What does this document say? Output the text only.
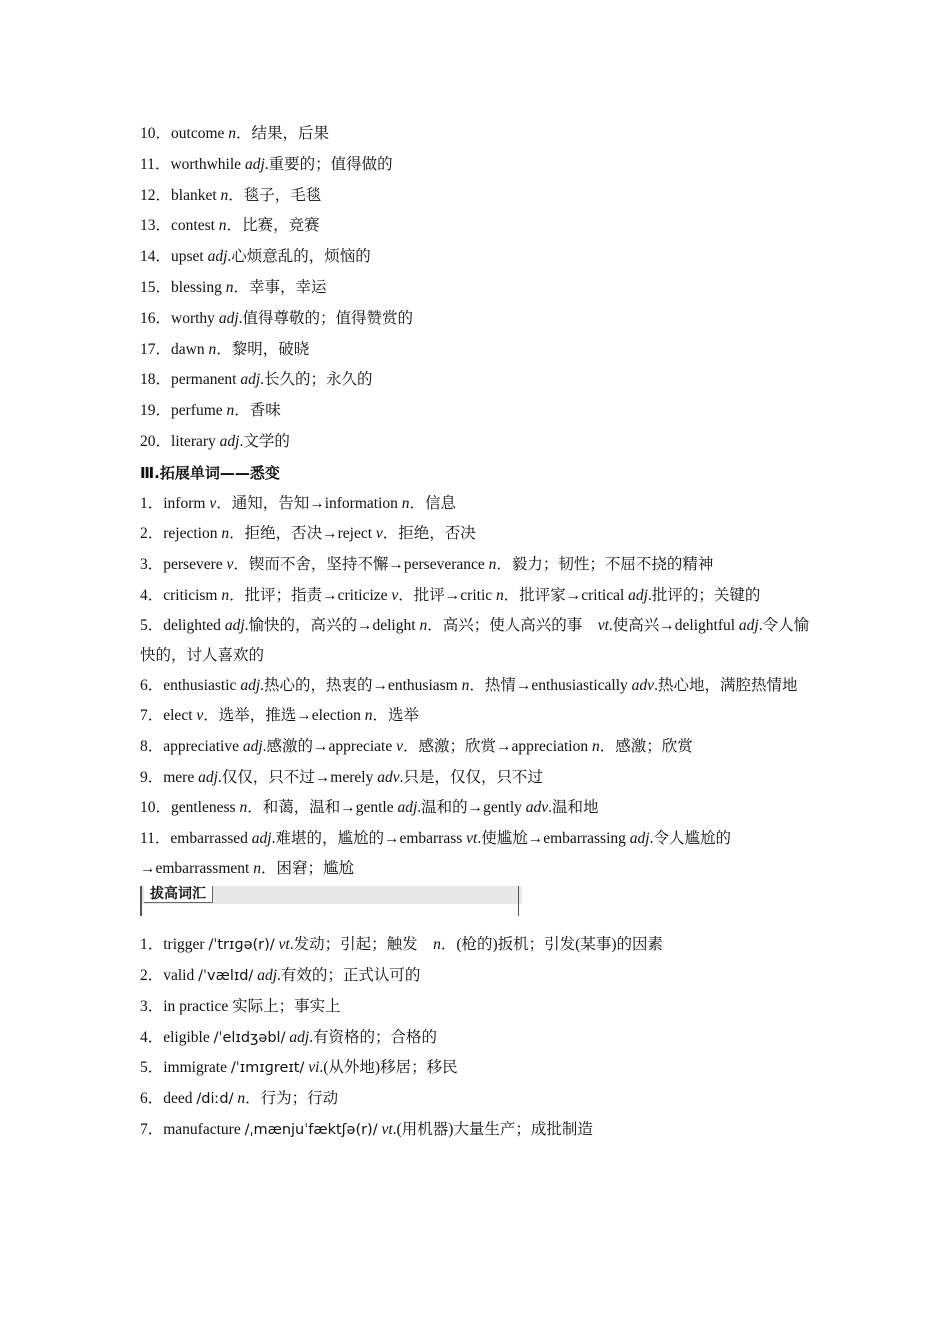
10．outcome n．结果，后果
11．worthwhile adj.重要的；值得做的
12．blanket n．毯子，毛毯
13．contest n．比赛，竞赛
14．upset adj.心烦意乱的，烦恼的
15．blessing n．幸事，幸运
16．worthy adj.值得尊敬的；值得赞赏的
17．dawn n．黎明，破晓
18．permanent adj.长久的；永久的
19．perfume n．香味
20．literary adj.文学的
Ⅲ.拓展单词——悉变
1．inform v．通知，告知→information n．信息
2．rejection n．拒绝，否决→reject v．拒绝，否决
3．persevere v．锲而不舍，坚持不懈→perseverance n．毅力；韧性；不屈不挠的精神

4．criticism n．批评；指责→criticize v．批评→critic n．批评家→critical adj.批评的；关键的

5．delighted adj.愉快的，高兴的→delight n．高兴；使人高兴的事　vt.使高兴→delightful adj.令人愉快的，讨人喜欢的

6．enthusiastic adj.热心的，热衷的→enthusiasm n．热情→enthusiastically adv.热心地，满腔热情地

7．elect v．选举，推选→election n．选举
8．appreciative adj.感激的→appreciate v．感激；欣赏→appreciation n．感激；欣赏
9．mere adj.仅仅，只不过→merely adv.只是，仅仅，只不过
10．gentleness n．和蔼，温和→gentle adj.温和的→gently adv.温和地

11．embarrassed adj.难堪的，尴尬的→embarrass vt.使尴尬→embarrassing adj.令人尴尬的→embarrassment n．困窘；尴尬

拔高词汇
1．trigger /ˈtrɪɡə(r)/ vt.发动；引起；触发　n．(枪的)扳机；引发(某事)的因素
2．valid /ˈvælɪd/ adj.有效的；正式认可的
3．in practice 实际上；事实上
4．eligible /ˈelɪdʒəbl/ adj.有资格的；合格的
5．immigrate /ˈɪmɪɡreɪt/ vi.(从外地)移居；移民
6．deed /diːd/ n．行为；行动
7．manufacture /ˌmænjuˈfæktʃə(r)/ vt.(用机器)大量生产；成批制造
